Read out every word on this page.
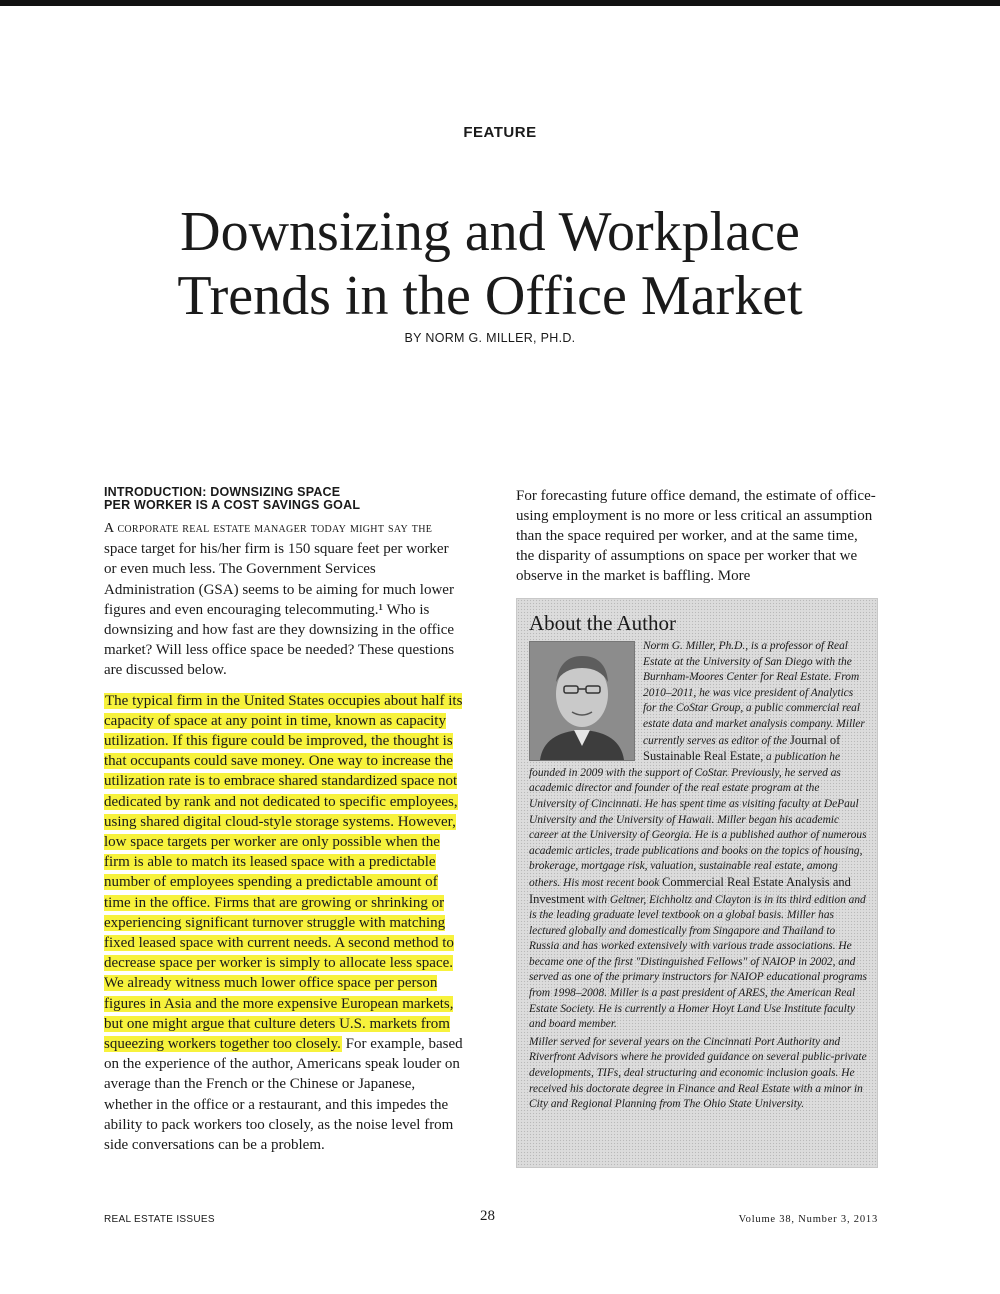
FEATURE
Downsizing and Workplace
Trends in the Office Market
BY NORM G. MILLER, PH.D.
INTRODUCTION: DOWNSIZING SPACE
PER WORKER IS A COST SAVINGS GOAL

A corporate real estate manager today might say the space target for his/her firm is 150 square feet per worker or even much less. The Government Services Administration (GSA) seems to be aiming for much lower figures and even encouraging telecommuting.¹ Who is downsizing and how fast are they downsizing in the office market? Will less office space be needed? These questions are discussed below.

The typical firm in the United States occupies about half its capacity of space at any point in time, known as capacity utilization. If this figure could be improved, the thought is that occupants could save money. One way to increase the utilization rate is to embrace shared standardized space not dedicated by rank and not dedicated to specific employees, using shared digital cloud-style storage systems. However, low space targets per worker are only possible when the firm is able to match its leased space with a predictable number of employees spending a predictable amount of time in the office. Firms that are growing or shrinking or experiencing significant turnover struggle with matching fixed leased space with current needs. A second method to decrease space per worker is simply to allocate less space. We already witness much lower office space per person figures in Asia and the more expensive European markets, but one might argue that culture deters U.S. markets from squeezing workers together too closely. For example, based on the experience of the author, Americans speak louder on average than the French or the Chinese or Japanese, whether in the office or a restaurant, and this impedes the ability to pack workers too closely, as the noise level from side conversations can be a problem.

For forecasting future office demand, the estimate of office-using employment is no more or less critical an assumption than the space required per worker, and at the same time, the disparity of assumptions on space per worker that we observe in the market is baffling. More

About the Author

Norm G. Miller, Ph.D., is a professor of Real Estate at the University of San Diego with the Burnham-Moores Center for Real Estate. From 2010–2011, he was vice president of Analytics for the CoStar Group, a public commercial real estate data and market analysis company. Miller currently serves as editor of the Journal of Sustainable Real Estate, a publication he founded in 2009 with the support of CoStar. Previously, he served as academic director and founder of the real estate program at the University of Cincinnati. He has spent time as visiting faculty at DePaul University and the University of Hawaii. Miller began his academic career at the University of Georgia. He is a published author of numerous academic articles, trade publications and books on the topics of housing, brokerage, mortgage risk, valuation, sustainable real estate, among others. His most recent book Commercial Real Estate Analysis and Investment with Geltner, Eichholtz and Clayton is in its third edition and is the leading graduate level textbook on a global basis. Miller has lectured globally and domestically from Singapore and Thailand to Russia and has worked extensively with various trade associations. He became one of the first "Distinguished Fellows" of NAIOP in 2002, and served as one of the primary instructors for NAIOP educational programs from 1998–2008. Miller is a past president of ARES, the American Real Estate Society. He is currently a Homer Hoyt Land Use Institute faculty and board member.

Miller served for several years on the Cincinnati Port Authority and Riverfront Advisors where he provided guidance on several public-private developments, TIFs, deal structuring and economic inclusion goals. He received his doctorate degree in Finance and Real Estate with a minor in City and Regional Planning from The Ohio State University.

REAL ESTATE ISSUES	28	Volume 38, Number 3, 2013
